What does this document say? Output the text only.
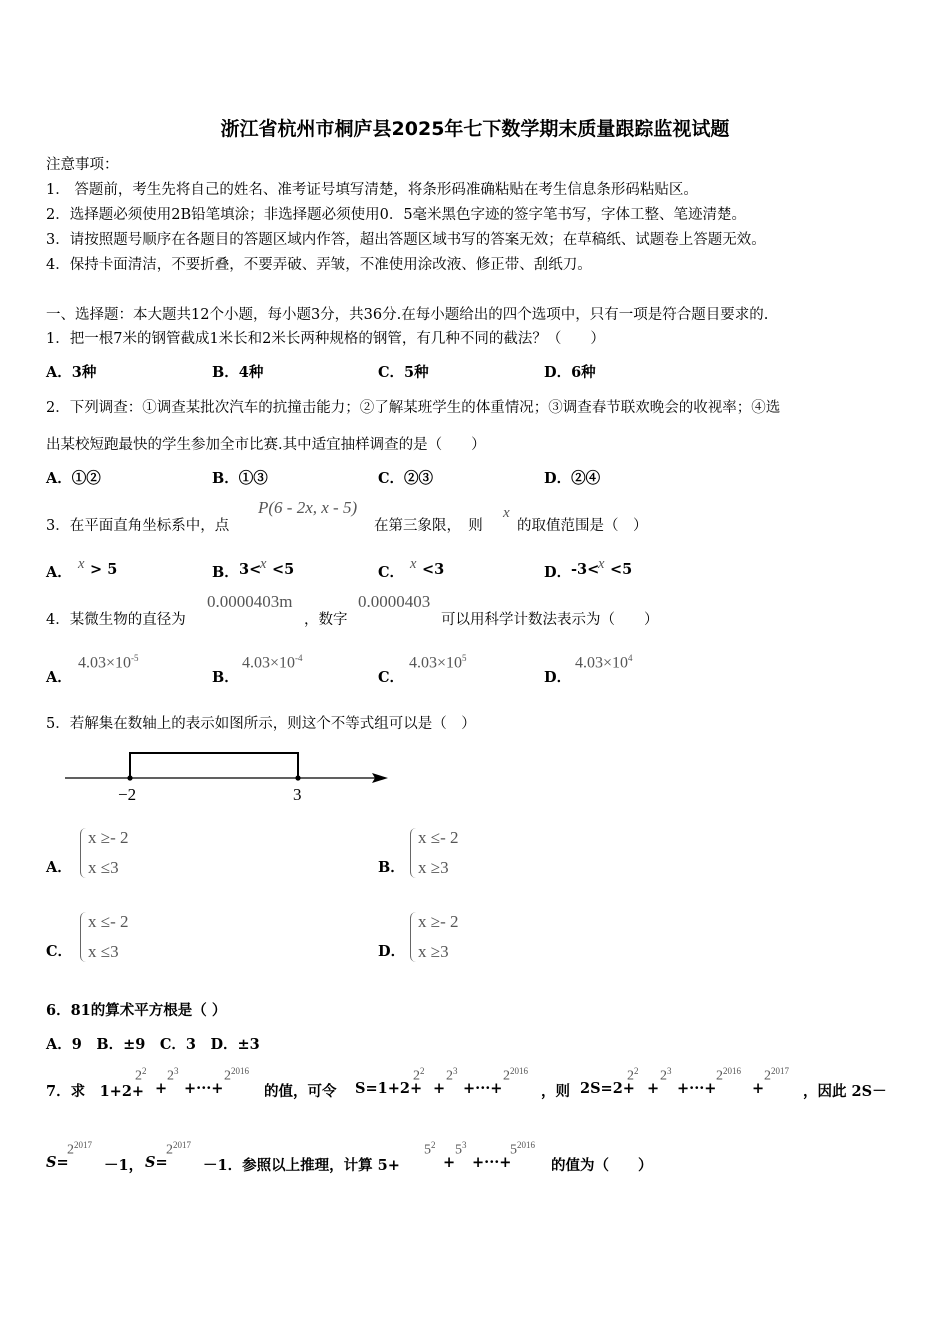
浙江省杭州市桐庐县2025年七下数学期末质量跟踪监视试题
注意事项：
1． 答题前，考生先将自己的姓名、准考证号填写清楚，将条形码准确粘贴在考生信息条形码粘贴区。
2．选择题必须使用2B铅笔填涂；非选择题必须使用0．5毫米黑色字迹的签字笔书写，字体工整、笔迹清楚。
3．请按照题号顺序在各题目的答题区域内作答，超出答题区域书写的答案无效；在草稿纸、试题卷上答题无效。
4．保持卡面清洁，不要折叠，不要弄破、弄皱，不准使用涂改液、修正带、刮纸刀。
一、选择题：本大题共12个小题，每小题3分，共36分.在每小题给出的四个选项中，只有一项是符合题目要求的.
1．把一根7米的钢管截成1米长和2米长两种规格的钢管，有几种不同的截法？（　　）
A．3种	B．4种	C．5种	D．6种
2．下列调查：①调查某批次汽车的抗撞击能力；②了解某班学生的体重情况；③调查春节联欢晚会的收视率；④选
出某校短跑最快的学生参加全市比赛.其中适宜抽样调查的是（　　）
A．①②	B．①③	C．②③	D．②④
3．在平面直角坐标系中，点
P(6 - 2x, x - 5)
在第三象限，　则
x
的取值范围是（　）
A． x > 5	B． 3<
x <5	C． x <3	D． -3<
x <5
4．某微生物的直径为
0.0000403m
，数字
0.0000403
可以用科学计数法表示为（　　）
A．
$4.03\times 10^{-5}$
B．
$4.03\times 10^{-4}$
C．
$4.03\times 10^5$
D．
$4.03\times 10^4$
5．若解集在数轴上的表示如图所示，则这个不等式组可以是（　）
−2	3
A．
x ≥- 2
x ≤3	B．
x ≤- 2
x ≥3
C．
x ≤- 2
x ≤3	D．
x ≥- 2
x ≥3
6．81的算术平方根是（ ）
A．9　B．±9　C．3　D．±3
7．求　1+2+
$2^2$
+
$2^3$
+···+
$2^{2016}$
的值，可令 S=1+2+
$2^2$
+
$2^3$
+···+
$2^{2016}$
，则 2S=2+
$2^2$
+
$2^3$
+···+
$2^{2016}$
+
$2^{2017}$
，因此 2S－
S=
$2^{2017}$
－1， S=
$2^{2017}$
－1．参照以上推理，计算 5+
$5^2$
+
$5^3$
+···+
$5^{2016}$
的值为（　　）
